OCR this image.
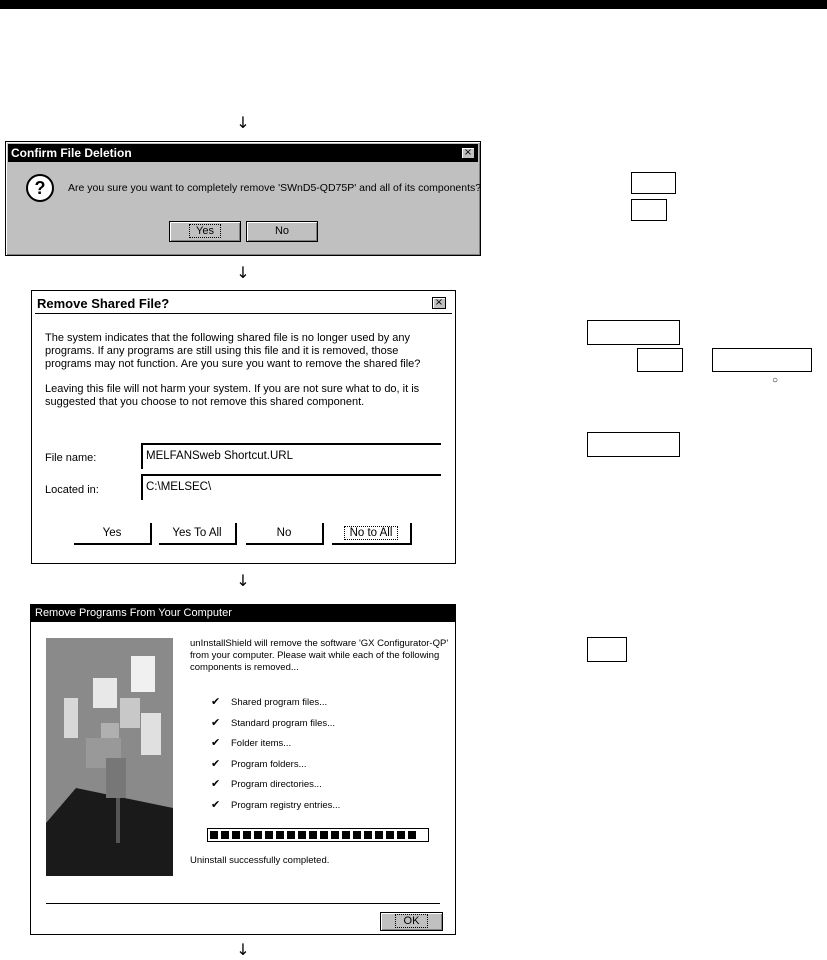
↓
↓
↓
↓
Confirm File Deletion	×
?	Are you sure you want to completely remove 'SWnD5-QD75P' and all of its components?
Yes	No
Remove Shared File?	×
The system indicates that the following shared file is no longer used by any
programs. If any programs are still using this file and it is removed, those
programs may not function. Are you sure you want to remove the shared file?
Leaving this file will not harm your system. If you are not sure what to do, it is
suggested that you choose to not remove this shared component.
File name:	MELFANSweb Shortcut.URL
Located in:	C:\MELSEC\
Yes	Yes To All	No	No to All
Remove Programs From Your Computer
unInstallShield will remove the software 'GX Configurator-QP'
from your computer. Please wait while each of the following
components is removed...
✔ Shared program files...
✔ Standard program files...
✔ Folder items...
✔ Program folders...
✔ Program directories...
✔ Program registry entries...
Uninstall successfully completed.
OK
○
